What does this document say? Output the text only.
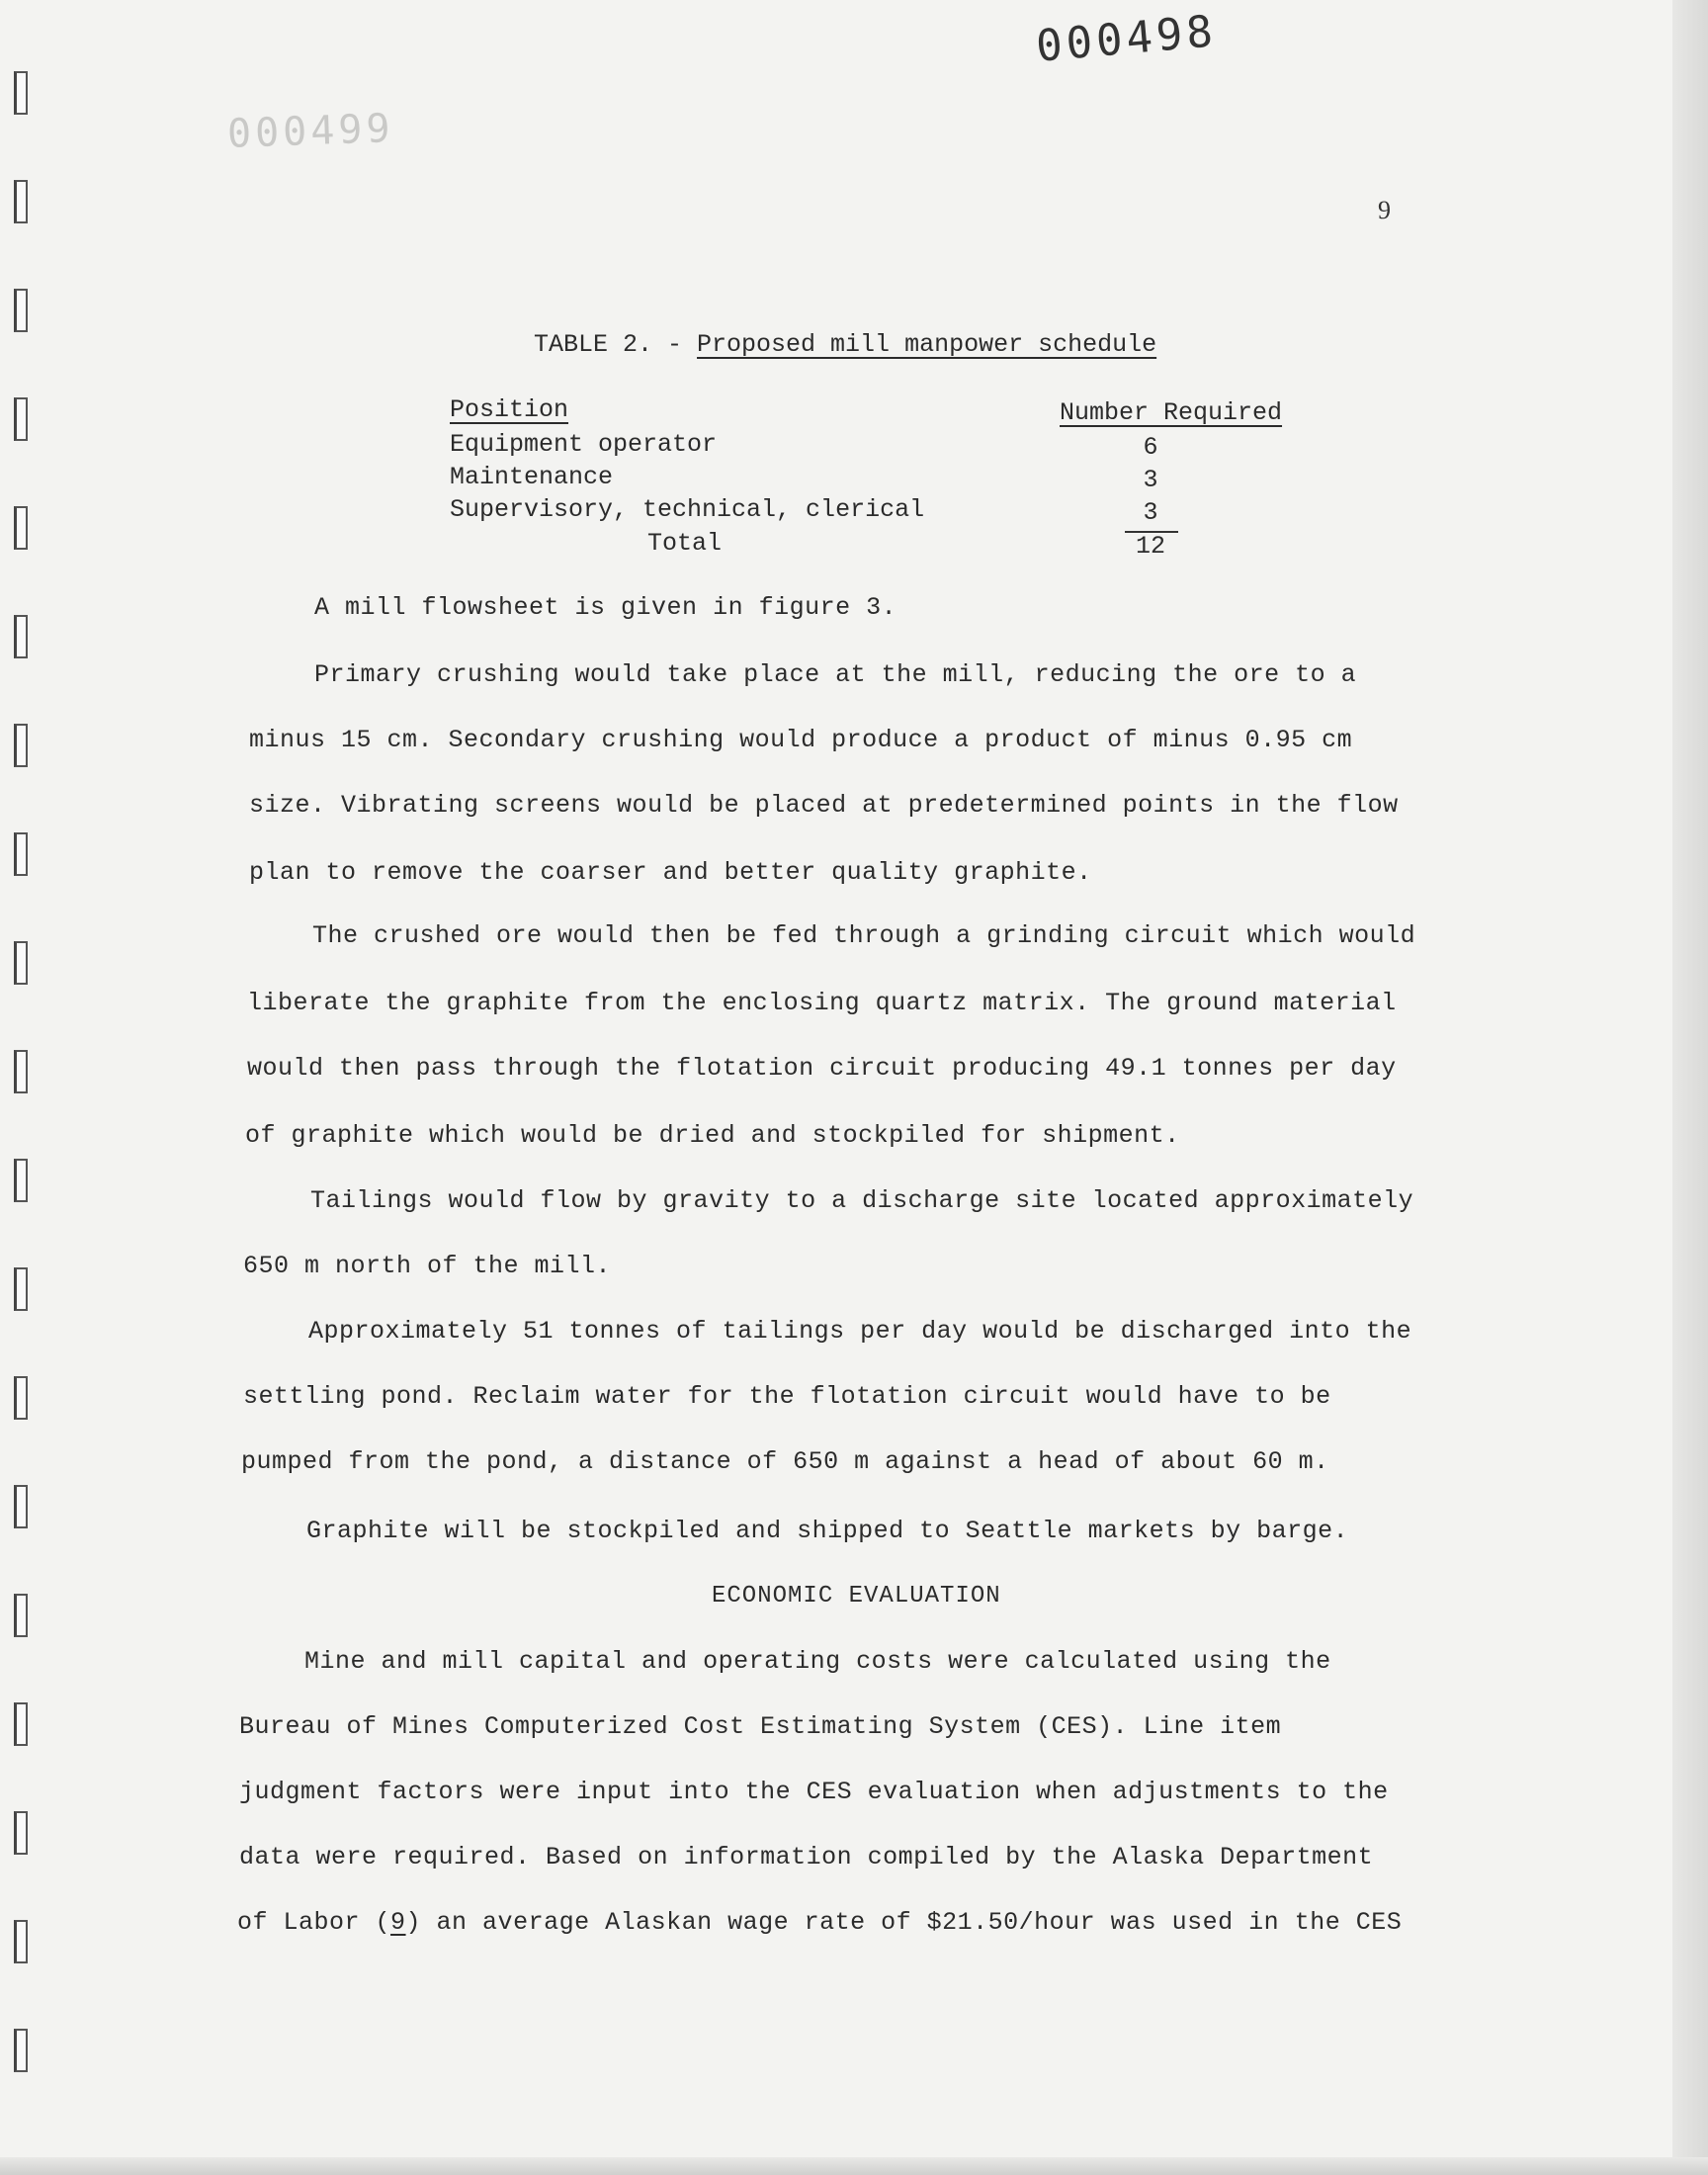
000499
000498
9
TABLE 2. - Proposed mill manpower schedule
Position	Number Required
Equipment operator	6
Maintenance	3
Supervisory, technical, clerical	3
Total	12
A mill flowsheet is given in figure 3.
Primary crushing would take place at the mill, reducing the ore to a
minus 15 cm. Secondary crushing would produce a product of minus 0.95 cm
size. Vibrating screens would be placed at predetermined points in the flow
plan to remove the coarser and better quality graphite.
The crushed ore would then be fed through a grinding circuit which would
liberate the graphite from the enclosing quartz matrix. The ground material
would then pass through the flotation circuit producing 49.1 tonnes per day
of graphite which would be dried and stockpiled for shipment.
Tailings would flow by gravity to a discharge site located approximately
650 m north of the mill.
Approximately 51 tonnes of tailings per day would be discharged into the
settling pond. Reclaim water for the flotation circuit would have to be
pumped from the pond, a distance of 650 m against a head of about 60 m.
Graphite will be stockpiled and shipped to Seattle markets by barge.
ECONOMIC EVALUATION
Mine and mill capital and operating costs were calculated using the
Bureau of Mines Computerized Cost Estimating System (CES). Line item
judgment factors were input into the CES evaluation when adjustments to the
data were required. Based on information compiled by the Alaska Department
of Labor (9) an average Alaskan wage rate of $21.50/hour was used in the CES
